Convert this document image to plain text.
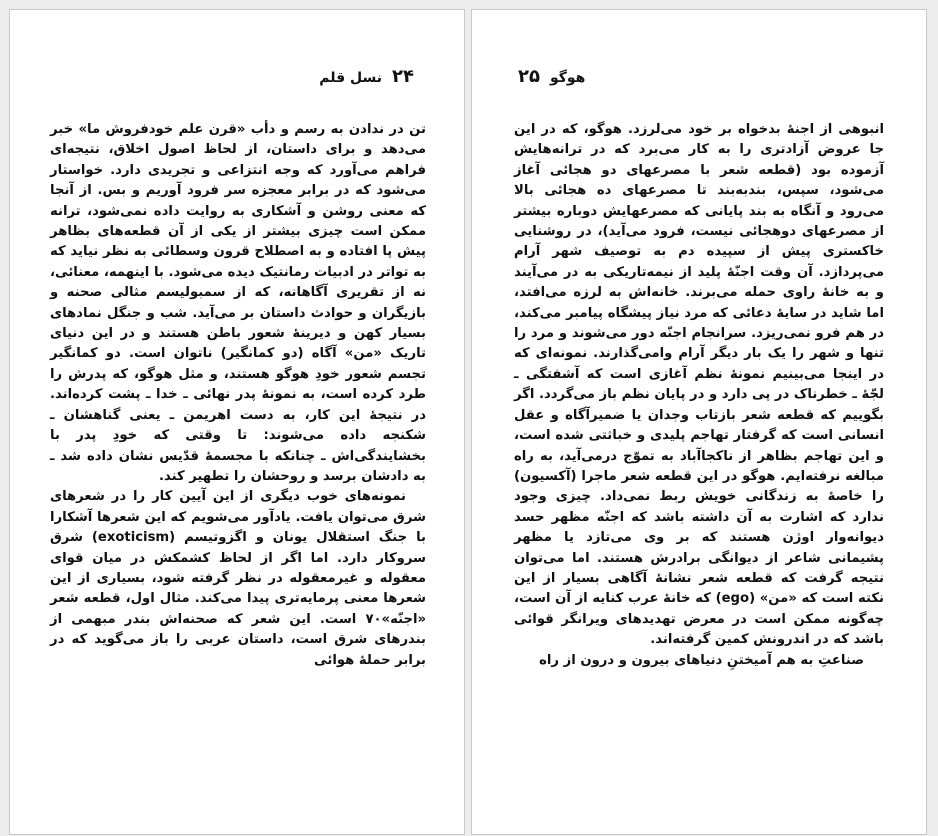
۲۴
نسل قلم

تن در ندادن به رسم و دأب «قرن علم خودفروش ما» خبر می‌دهد و برای داستان، از لحاظ اصول اخلاق، نتیجه‌ای فراهم می‌آورد که وجه انتزاعی و تجریدی دارد. خواستار می‌شود که در برابر معجزه سر فرود آوریم و بس. از آنجا که معنی روشن و آشکاری به روایت داده نمی‌شود، ترانه ممکن است چیزی بیشتر از یکی از آن قطعه‌های بظاهر پیش پا افتاده و به اصطلاح قرون وسطائی به نظر نیاید که به تواتر در ادبیات رمانتیک دیده می‌شود. با اینهمه، معنائی، نه از تقریری آگاهانه، که از سمبولیسم مثالی صحنه و بازیگران و حوادث داستان بر می‌آید. شب و جنگل نمادهای بسیار کهن و دیرینهٔ شعور باطن هستند و در این دنیای تاریک «من» آگاه (دو کمانگیر) ناتوان است. دو کمانگیر تجسم شعور خودِ هوگو هستند، و مثل هوگو، که پدرش را طرد کرده است، به نمونهٔ پدر نهائی ـ خدا ـ پشت کرده‌اند. در نتیجهٔ این کار، به دست اهریمن ـ یعنی گناهشان ـ شکنجه داده می‌شوند: تا وقتی که خودِ پدر با بخشایندگی‌اش ـ چنانکه با مجسمهٔ قدّیس نشان داده شد ـ به دادشان برسد و روحشان را تطهیر کند.

نمونه‌های خوب دیگری از این آیین کار را در شعرهای شرق می‌توان یافت. یادآور می‌شویم که این شعرها آشکارا با جنگ استقلال یونان و اگزوتیسم (exoticism) شرق سروکار دارد. اما اگر از لحاظ کشمکش در میان قوای معقوله و غیرمعقوله در نظر گرفته شود، بسیاری از این شعرها معنی پرمایه‌تری پیدا می‌کند. مثال اول، قطعه شعر «اجنّه»۷۰ است. این شعر که صحنه‌اش بندر مبهمی از بندرهای شرق است، داستان عربی را باز می‌گوید که در برابر حملهٔ هوائی

هوگو
۲۵

انبوهی از اجنهٔ بدخواه بر خود می‌لرزد. هوگو، که در این جا عروض آزادتری را به کار می‌برد که در ترانه‌هایش آزموده بود (قطعه شعر با مصرعهای دو هجائی آغاز می‌شود، سپس، بندبه‌بند تا مصرعهای ده هجائی بالا می‌رود و آنگاه به بند پایانی که مصرعهایش دوباره بیشتر از مصرعهای دوهجائی نیست، فرود می‌آید)، در روشنایی خاکستری پیش از سپیده دم به توصیف شهر آرام می‌پردازد. آن وقت اجنّهٔ پلید از نیمه‌تاریکی به در می‌آیند و به خانهٔ راوی حمله می‌برند. خانه‌اش به لرزه می‌افتد، اما شاید در سایهٔ دعائی که مرد نیاز پیشگاه پیامبر می‌کند، در هم فرو نمی‌ریزد. سرانجام اجنّه دور می‌شوند و مرد را تنها و شهر را یک بار دیگر آرام وامی‌گذارند. نمونه‌ای که در اینجا می‌بینیم نمونهٔ نظم آغازی است که آشفتگی ـ لجّهٔ ـ خطرناک در پی دارد و در پایان نظم باز می‌گردد. اگر بگوییم که قطعه شعر بازتاب وجدان یا ضمیرآگاه و عقل انسانی است که گرفتار تهاجم پلیدی و خباثتی شده است، و این تهاجم بظاهر از ناکجاآباد به تموّج درمی‌آید، به راه مبالغه نرفته‌ایم. هوگو در این قطعه شعر ماجرا (آکسیون) را خاصهٔ به زندگانی خویش ربط نمی‌داد. چیزی وجود ندارد که اشارت به آن داشته باشد که اجنّه مظهر حسد دیوانه‌وار اوژن هستند که بر وی می‌تازد یا مظهر پشیمانی شاعر از دیوانگی برادرش هستند. اما می‌توان نتیجه گرفت که قطعه شعر نشانهٔ آگاهی بسیار از این نکته است که «من» (ego) که خانهٔ عرب کنایه از آن است، چه‌گونه ممکن است در معرض تهدیدهای ویرانگر قوائی باشد که در اندرونش کمین گرفته‌اند.

صناعتِ به هم آمیختنِ دنیاهای بیرون و درون از راه
